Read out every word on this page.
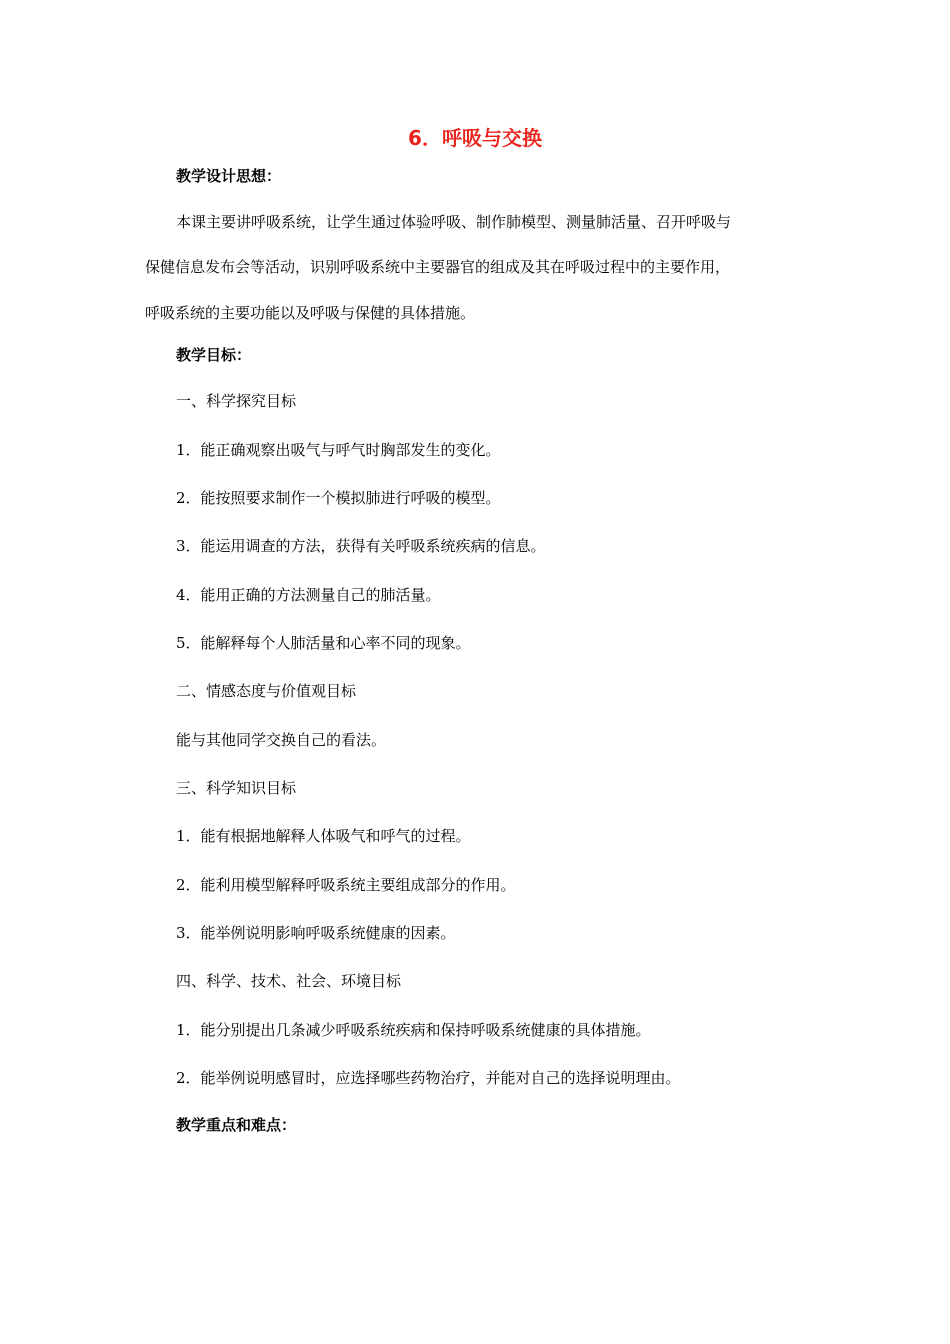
6．呼吸与交换
教学设计思想：
本课主要讲呼吸系统，让学生通过体验呼吸、制作肺模型、测量肺活量、召开呼吸与
保健信息发布会等活动，识别呼吸系统中主要器官的组成及其在呼吸过程中的主要作用，
呼吸系统的主要功能以及呼吸与保健的具体措施。
教学目标：
一、科学探究目标
1．能正确观察出吸气与呼气时胸部发生的变化。
2．能按照要求制作一个模拟肺进行呼吸的模型。
3．能运用调查的方法，获得有关呼吸系统疾病的信息。
4．能用正确的方法测量自己的肺活量。
5．能解释每个人肺活量和心率不同的现象。
二、情感态度与价值观目标
能与其他同学交换自己的看法。
三、科学知识目标
1．能有根据地解释人体吸气和呼气的过程。
2．能利用模型解释呼吸系统主要组成部分的作用。
3．能举例说明影响呼吸系统健康的因素。
四、科学、技术、社会、环境目标
1．能分别提出几条减少呼吸系统疾病和保持呼吸系统健康的具体措施。
2．能举例说明感冒时，应选择哪些药物治疗，并能对自己的选择说明理由。
教学重点和难点：
